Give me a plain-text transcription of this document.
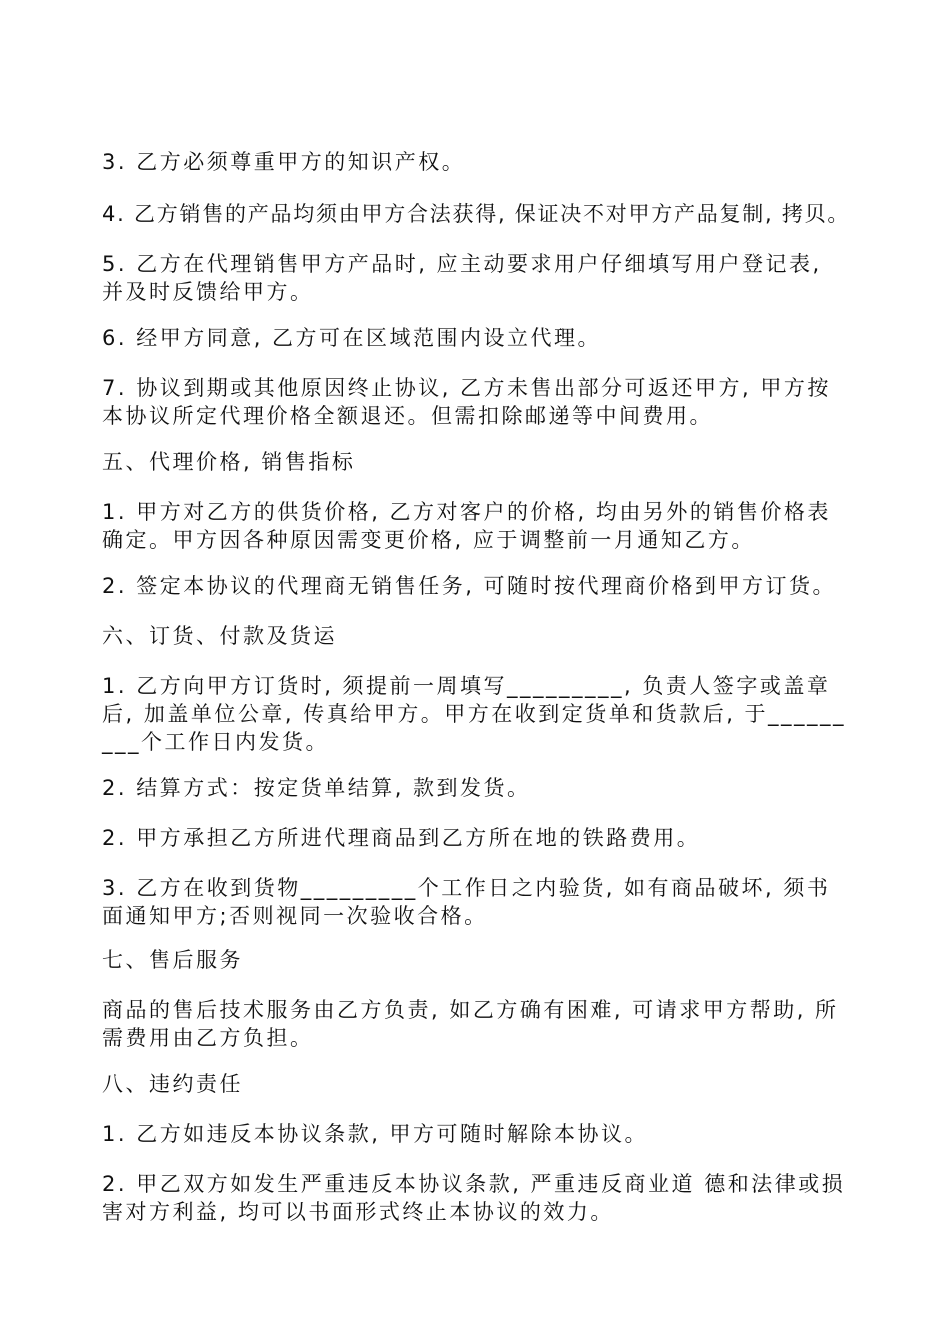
3. 乙方必须尊重甲方的知识产权。

4. 乙方销售的产品均须由甲方合法获得, 保证决不对甲方产品复制, 拷贝。

5. 乙方在代理销售甲方产品时, 应主动要求用户仔细填写用户登记表, 并及时反馈给甲方。

6. 经甲方同意, 乙方可在区域范围内设立代理。

7. 协议到期或其他原因终止协议, 乙方未售出部分可返还甲方, 甲方按本协议所定代理价格全额退还。但需扣除邮递等中间费用。

五、代理价格, 销售指标

1. 甲方对乙方的供货价格, 乙方对客户的价格, 均由另外的销售价格表确定。甲方因各种原因需变更价格, 应于调整前一月通知乙方。

2. 签定本协议的代理商无销售任务, 可随时按代理商价格到甲方订货。

六、订货、付款及货运

1. 乙方向甲方订货时, 须提前一周填写_________, 负责人签字或盖章后, 加盖单位公章, 传真给甲方。甲方在收到定货单和货款后, 于_________个工作日内发货。

2. 结算方式：按定货单结算, 款到发货。

2. 甲方承担乙方所进代理商品到乙方所在地的铁路费用。

3. 乙方在收到货物_________个工作日之内验货, 如有商品破坏, 须书面通知甲方;否则视同一次验收合格。

七、售后服务

商品的售后技术服务由乙方负责, 如乙方确有困难, 可请求甲方帮助, 所需费用由乙方负担。

八、违约责任

1. 乙方如违反本协议条款, 甲方可随时解除本协议。

2. 甲乙双方如发生严重违反本协议条款, 严重违反商业道 德和法律或损害对方利益, 均可以书面形式终止本协议的效力。
